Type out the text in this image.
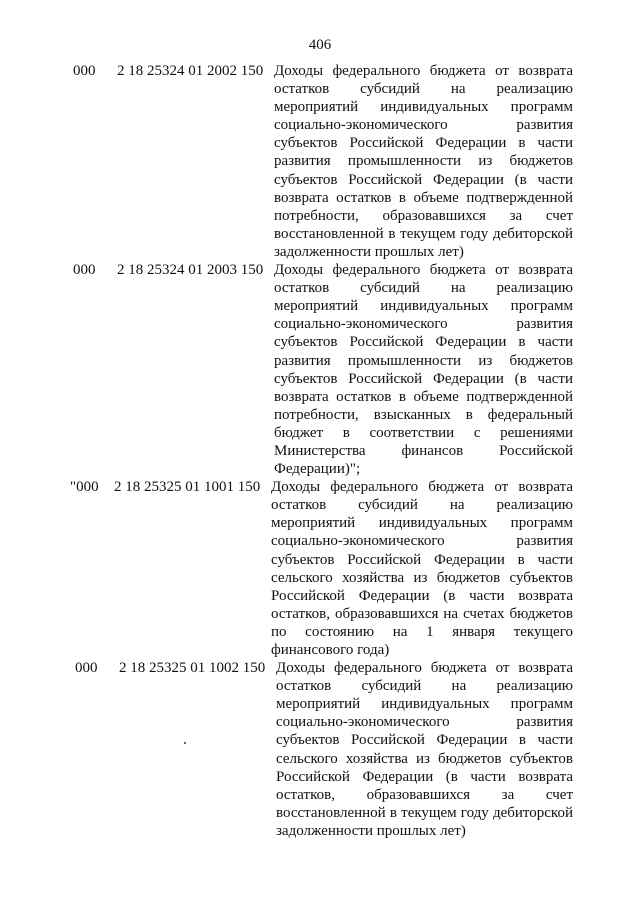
406
000	2 18 25324 01 2002 150 Доходы федерального бюджета от возврата
остатков субсидий на реализацию
мероприятий индивидуальных программ
социально-экономического развития
субъектов Российской Федерации в части
развития промышленности из бюджетов
субъектов Российской Федерации (в части
возврата остатков в объеме подтвержденной
потребности, образовавшихся за счет
восстановленной в текущем году дебиторской
задолженности прошлых лет)
000	2 18 25324 01 2003 150 Доходы федерального бюджета от возврата
остатков субсидий на реализацию
мероприятий индивидуальных программ
социально-экономического развития
субъектов Российской Федерации в части
развития промышленности из бюджетов
субъектов Российской Федерации (в части
возврата остатков в объеме подтвержденной
потребности, взысканных в федеральный
бюджет в соответствии с решениями
Министерства финансов Российской
Федерации)";
"000	2 18 25325 01 1001 150 Доходы федерального бюджета от возврата
остатков субсидий на реализацию
мероприятий индивидуальных программ
социально-экономического развития
субъектов Российской Федерации в части
сельского хозяйства из бюджетов субъектов
Российской Федерации (в части возврата
остатков, образовавшихся на счетах бюджетов
по состоянию на 1 января текущего
финансового года)
000	2 18 25325 01 1002 150 Доходы федерального бюджета от возврата
остатков субсидий на реализацию
мероприятий индивидуальных программ
социально-экономического развития
субъектов Российской Федерации в части
сельского хозяйства из бюджетов субъектов
Российской Федерации (в части возврата
остатков, образовавшихся за счет
восстановленной в текущем году дебиторской
задолженности прошлых лет)
